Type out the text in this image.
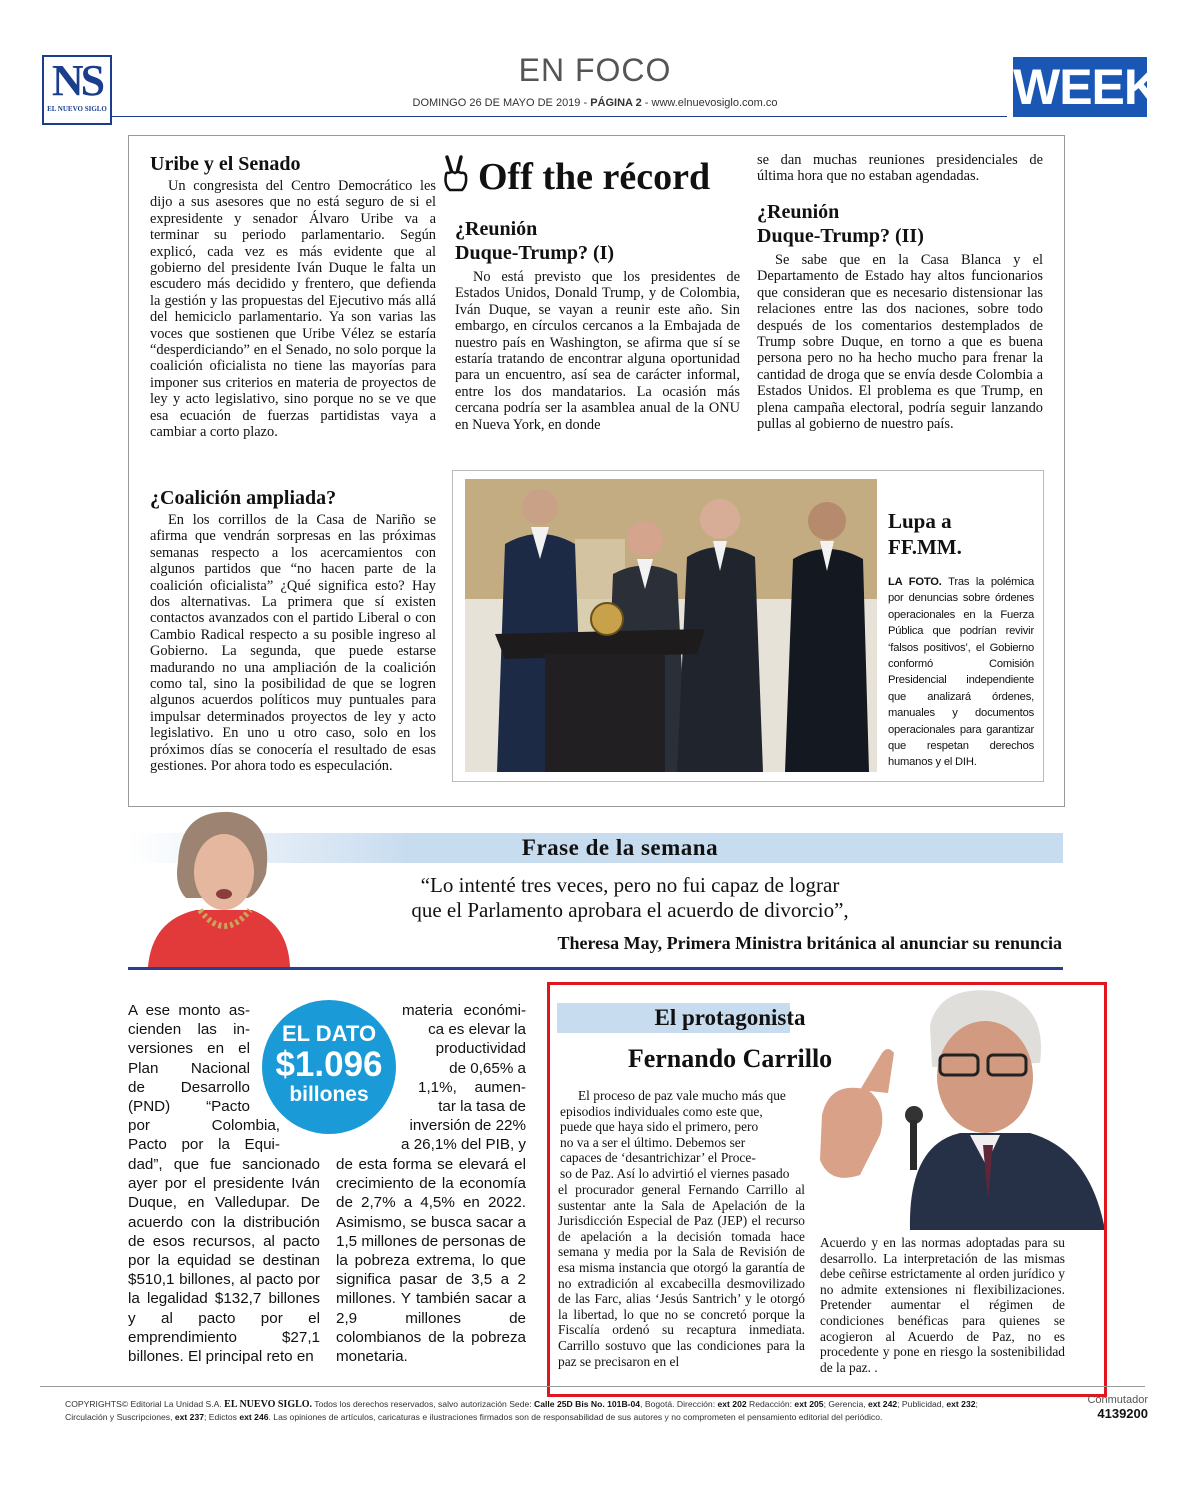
NS
EL NUEVO SIGLO
EN FOCO
DOMINGO 26 DE MAYO DE 2019 - PÁGINA 2 - www.elnuevosiglo.com.co	WEEK
Uribe y el Senado

Un congresista del Centro Democrático les dijo a sus asesores que no está seguro de si el expresidente y senador Álvaro Uribe va a terminar su periodo parlamentario. Según explicó, cada vez es más evidente que al gobierno del presidente Iván Duque le falta un escudero más decidido y frentero, que defienda la gestión y las propuestas del Ejecutivo más allá del hemiciclo parlamentario. Ya son varias las voces que sostienen que Uribe Vélez se estaría “desperdiciando” en el Senado, no solo porque la coalición oficialista no tiene las mayorías para imponer sus criterios en materia de proyectos de ley y acto legislativo, sino porque no se ve que esa ecuación de fuerzas partidistas vaya a cambiar a corto plazo.

¿Coalición ampliada?

En los corrillos de la Casa de Nariño se afirma que vendrán sorpresas en las próximas semanas respecto a los acercamientos con algunos partidos que “no hacen parte de la coalición oficialista” ¿Qué significa esto? Hay dos alternativas. La primera que sí existen contactos avanzados con el partido Liberal o con Cambio Radical respecto a su posible ingreso al Gobierno. La segunda, que puede estarse madurando no una ampliación de la coalición como tal, sino la posibilidad de que se logren algunos acuerdos políticos muy puntuales para impulsar determinados proyectos de ley y acto legislativo. En uno u otro caso, solo en los próximos días se conocería el resultado de esas gestiones. Por ahora todo es especulación.

Off the récord
¿Reunión
Duque-Trump? (I)

No está previsto que los presidentes de Estados Unidos, Donald Trump, y de Colombia, Iván Duque, se vayan a reunir este año. Sin embargo, en círculos cercanos a la Embajada de nuestro país en Washington, se afirma que sí se estaría tratando de encontrar alguna oportunidad para un encuentro, así sea de carácter informal, entre los dos mandatarios. La ocasión más cercana podría ser la asamblea anual de la ONU en Nueva York, en donde

se dan muchas reuniones presidenciales de última hora que no estaban agendadas.

¿Reunión
Duque-Trump? (II)

Se sabe que en la Casa Blanca y el Departamento de Estado hay altos funcionarios que consideran que es necesario distensionar las relaciones entre las dos naciones, sobre todo después de los comentarios destemplados de Trump sobre Duque, en torno a que es buena persona pero no ha hecho mucho para frenar la cantidad de droga que se envía desde Colombia a Estados Unidos. El problema es que Trump, en plena campaña electoral, podría seguir lanzando pullas al gobierno de nuestro país.

Lupa a
FF.MM.
LA FOTO. Tras la polémica por denuncias sobre órdenes operacionales en la Fuerza Pública que podrían revivir ‘falsos positivos’, el Gobierno conformó Comisión Presidencial independiente que analizará órdenes, manuales y documentos operacionales para garantizar que respetan derechos humanos y el DIH.
Frase de la semana
“Lo intenté tres veces, pero no fui capaz de lograr
que el Parlamento aprobara el acuerdo de divorcio”,
Theresa May, Primera Ministra británica al anunciar su renuncia
A ese monto as-
cienden las in-
versiones en el
Plan Nacional
de Desarrollo
(PND) “Pacto
por Colombia,
Pacto por la Equi-
dad”, que fue sancionado ayer por el presidente Iván Duque, en Valledupar. De acuerdo con la distribución de esos recursos, al pacto por la equidad se destinan $510,1 billones, al pacto por la legalidad $132,7 billones y al pacto por el emprendimiento $27,1 billones. El principal reto en
EL DATO
$1.096
billones
materia económi-
ca es elevar la
productividad
de 0,65% a
1,1%, aumen-
tar la tasa de
inversión de 22%
a 26,1% del PIB, y
de esta forma se elevará el crecimiento de la economía de 2,7% a 4,5% en 2022. Asimismo, se busca sacar a 1,5 millones de personas de la pobreza extrema, lo que significa pasar de 3,5 a 2 millones. Y también sacar a 2,9 millones de colombianos de la pobreza monetaria.
El protagonista
Fernando Carrillo
El proceso de paz vale mucho más que
episodios individuales como este que,
puede que haya sido el primero, pero
no va a ser el último. Debemos ser
capaces de ‘desantrichizar’ el Proce-
so de Paz. Así lo advirtió el viernes pasado

el procurador general Fernando Carrillo al sustentar ante la Sala de Apelación de la Jurisdicción Especial de Paz (JEP) el recurso de apelación a la decisión tomada hace semana y media por la Sala de Revisión de esa misma instancia que otorgó la garantía de no extradición al excabecilla desmovilizado de las Farc, alias ‘Jesús Santrich’ y le otorgó la libertad, lo que no se concretó porque la Fiscalía ordenó su recaptura inmediata. Carrillo sostuvo que las condiciones para la paz se precisaron en el

Acuerdo y en las normas adoptadas para su desarrollo. La interpretación de las mismas debe ceñirse estrictamente al orden jurídico y no admite extensiones ni flexibilizaciones. Pretender aumentar el régimen de condiciones benéficas para quienes se acogieron al Acuerdo de Paz, no es procedente y pone en riesgo la sostenibilidad de la paz. .

COPYRIGHTS© Editorial La Unidad S.A. EL NUEVO SIGLO. Todos los derechos reservados, salvo autorización Sede: Calle 25D Bis No. 101B-04, Bogotá. Dirección: ext 202 Redacción: ext 205; Gerencia, ext 242; Publicidad, ext 232;
Circulación y Suscripciones, ext 237; Edictos ext 246. Las opiniones de artículos, caricaturas e ilustraciones firmados son de responsabilidad de sus autores y no comprometen el pensamiento editorial del periódico.
Conmutador
4139200
